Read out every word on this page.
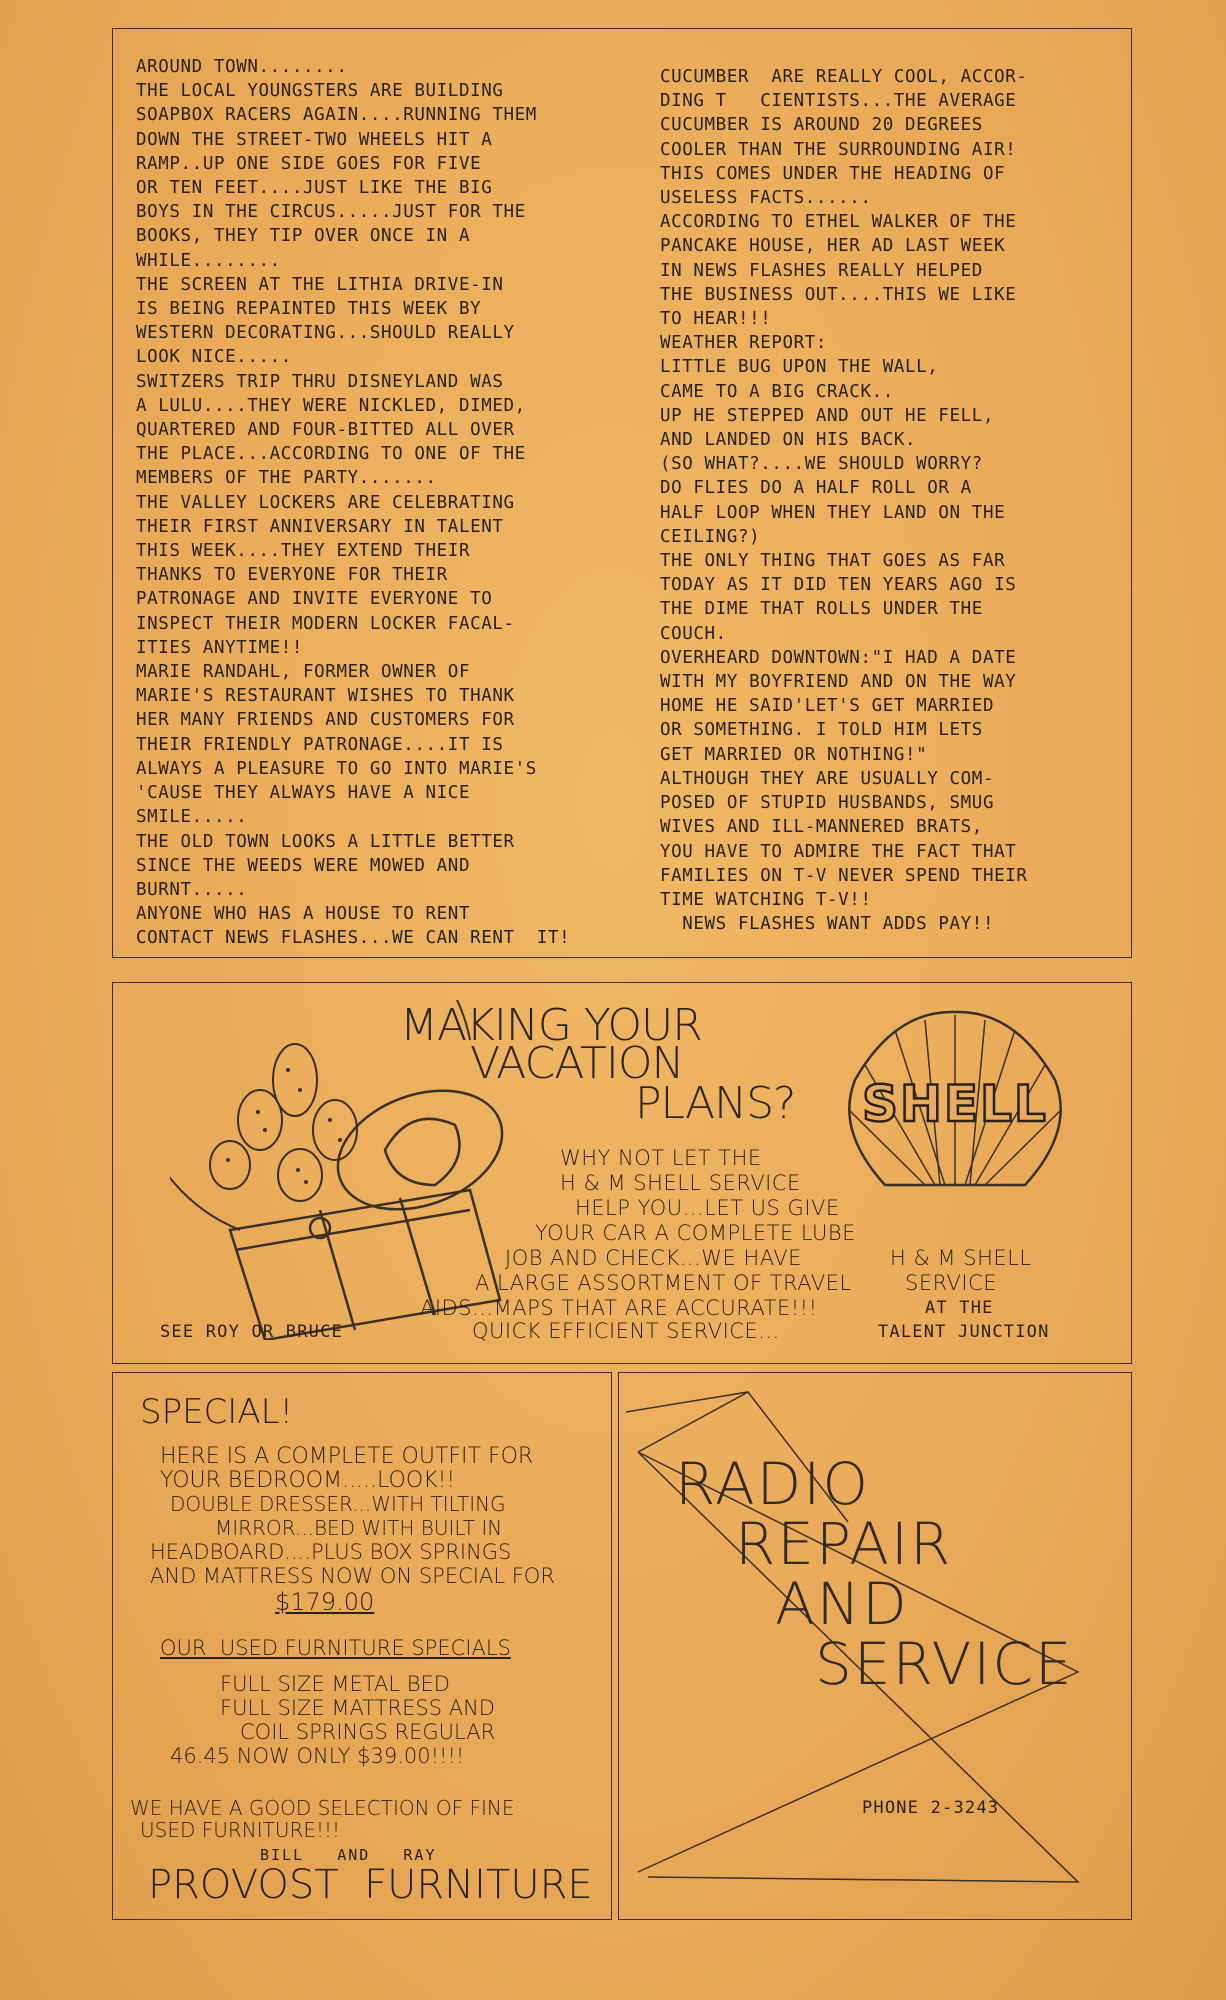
AROUND TOWN........
THE LOCAL YOUNGSTERS ARE BUILDING
SOAPBOX RACERS AGAIN....RUNNING THEM
DOWN THE STREET-TWO WHEELS HIT A
RAMP..UP ONE SIDE GOES FOR FIVE
OR TEN FEET....JUST LIKE THE BIG
BOYS IN THE CIRCUS.....JUST FOR THE
BOOKS, THEY TIP OVER ONCE IN A
WHILE........
THE SCREEN AT THE LITHIA DRIVE-IN
IS BEING REPAINTED THIS WEEK BY
WESTERN DECORATING...SHOULD REALLY
LOOK NICE.....
SWITZERS TRIP THRU DISNEYLAND WAS
A LULU....THEY WERE NICKLED, DIMED,
QUARTERED AND FOUR-BITTED ALL OVER
THE PLACE...ACCORDING TO ONE OF THE
MEMBERS OF THE PARTY.......
THE VALLEY LOCKERS ARE CELEBRATING
THEIR FIRST ANNIVERSARY IN TALENT
THIS WEEK....THEY EXTEND THEIR
THANKS TO EVERYONE FOR THEIR
PATRONAGE AND INVITE EVERYONE TO
INSPECT THEIR MODERN LOCKER FACAL-
ITIES ANYTIME!!
MARIE RANDAHL, FORMER OWNER OF
MARIE'S RESTAURANT WISHES TO THANK
HER MANY FRIENDS AND CUSTOMERS FOR
THEIR FRIENDLY PATRONAGE....IT IS
ALWAYS A PLEASURE TO GO INTO MARIE'S
'CAUSE THEY ALWAYS HAVE A NICE
SMILE.....
THE OLD TOWN LOOKS A LITTLE BETTER
SINCE THE WEEDS WERE MOWED AND
BURNT.....
ANYONE WHO HAS A HOUSE TO RENT
CONTACT NEWS FLASHES...WE CAN RENT  IT!
CUCUMBER  ARE REALLY COOL, ACCOR-
DING T   CIENTISTS...THE AVERAGE
CUCUMBER IS AROUND 20 DEGREES
COOLER THAN THE SURROUNDING AIR!
THIS COMES UNDER THE HEADING OF
USELESS FACTS......
ACCORDING TO ETHEL WALKER OF THE
PANCAKE HOUSE, HER AD LAST WEEK
IN NEWS FLASHES REALLY HELPED
THE BUSINESS OUT....THIS WE LIKE
TO HEAR!!!
WEATHER REPORT:
LITTLE BUG UPON THE WALL,
CAME TO A BIG CRACK..
UP HE STEPPED AND OUT HE FELL,
AND LANDED ON HIS BACK.
(SO WHAT?....WE SHOULD WORRY?
DO FLIES DO A HALF ROLL OR A
HALF LOOP WHEN THEY LAND ON THE
CEILING?)
THE ONLY THING THAT GOES AS FAR
TODAY AS IT DID TEN YEARS AGO IS
THE DIME THAT ROLLS UNDER THE
COUCH.
OVERHEARD DOWNTOWN:"I HAD A DATE
WITH MY BOYFRIEND AND ON THE WAY
HOME HE SAID'LET'S GET MARRIED
OR SOMETHING. I TOLD HIM LETS
GET MARRIED OR NOTHING!"
ALTHOUGH THEY ARE USUALLY COM-
POSED OF STUPID HUSBANDS, SMUG
WIVES AND ILL-MANNERED BRATS,
YOU HAVE TO ADMIRE THE FACT THAT
FAMILIES ON T-V NEVER SPEND THEIR
TIME WATCHING T-V!!
NEWS FLASHES WANT ADDS PAY!!
MAKING YOUR
VACATION
PLANS? SHELL
WHY NOT LET THE
H & M SHELL SERVICE
HELP YOU...LET US GIVE
YOUR CAR A COMPLETE LUBE
JOB AND CHECK...WE HAVE
A LARGE ASSORTMENT OF TRAVEL
AIDS...MAPS THAT ARE ACCURATE!!!
QUICK EFFICIENT SERVICE...
H & M SHELL
SERVICE
AT THE
TALENT JUNCTION
SEE ROY OR BRUCE
SPECIAL!
HERE IS A COMPLETE OUTFIT FOR
YOUR BEDROOM.....LOOK!!
DOUBLE DRESSER...WITH TILTING
MIRROR...BED WITH BUILT IN
HEADBOARD....PLUS BOX SPRINGS
AND MATTRESS NOW ON SPECIAL FOR
$179.00
OUR  USED FURNITURE SPECIALS
FULL SIZE METAL BED
FULL SIZE MATTRESS AND
COIL SPRINGS REGULAR
46.45 NOW ONLY $39.00!!!!
WE HAVE A GOOD SELECTION OF FINE
USED FURNITURE!!!
BILL   AND   RAY
PROVOST  FURNITURE
RADIO
REPAIR
AND
SERVICE
PHONE 2-3243
